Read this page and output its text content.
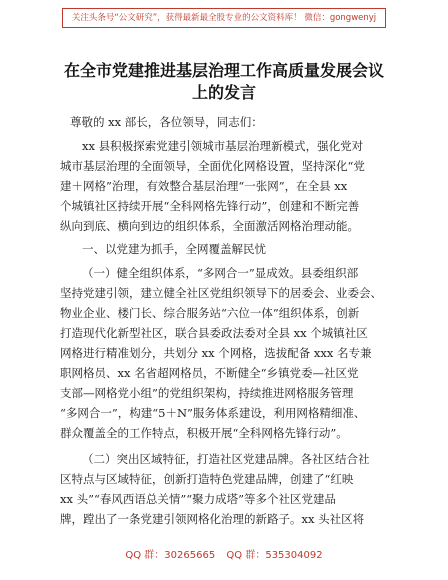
关注头条号“公文研究”，获得最新最全股专业的公文资料库！ 微信：gongwenyj
在全市党建推进基层治理工作高质量发展会议
上的发言
尊敬的 xx 部长，各位领导，同志们：
xx 县积极探索党建引领城市基层治理新模式，强化党对
城市基层治理的全面领导，全面优化网格设置，坚持深化“党
建＋网格”治理，有效整合基层治理“一张网”，在全县 xx
个城镇社区持续开展“全科网格先锋行动”，创建和不断完善
纵向到底、横向到边的组织体系，全面激活网格治理动能。
一、以党建为抓手，全网覆盖解民忧
（一）健全组织体系，“多网合一”显成效。县委组织部
坚持党建引领，建立健全社区党组织领导下的居委会、业委会、
物业企业、楼门长、综合服务站“六位一体”组织体系，创新
打造现代化新型社区，联合县委政法委对全县 xx 个城镇社区
网格进行精准划分，共划分 xx 个网格，选拔配备 xxx 名专兼
职网格员、xx 名省超网格员，不断健全“乡镇党委—社区党
支部—网格党小组”的党组织架构，持续推进网格服务管理
“多网合一”，构建“5＋N”服务体系建设，利用网格精细准、
群众覆盖全的工作特点，积极开展“全科网格先锋行动”。
（二）突出区域特征，打造社区党建品牌。各社区结合社
区特点与区域特征，创新打造特色党建品牌，创建了“红映
xx 头”“春风西语总关情”“聚力成塔”等多个社区党建品
牌，蹚出了一条党建引领网格化治理的新路子。xx 头社区将
QQ 群：30265665 QQ 群：535304092
